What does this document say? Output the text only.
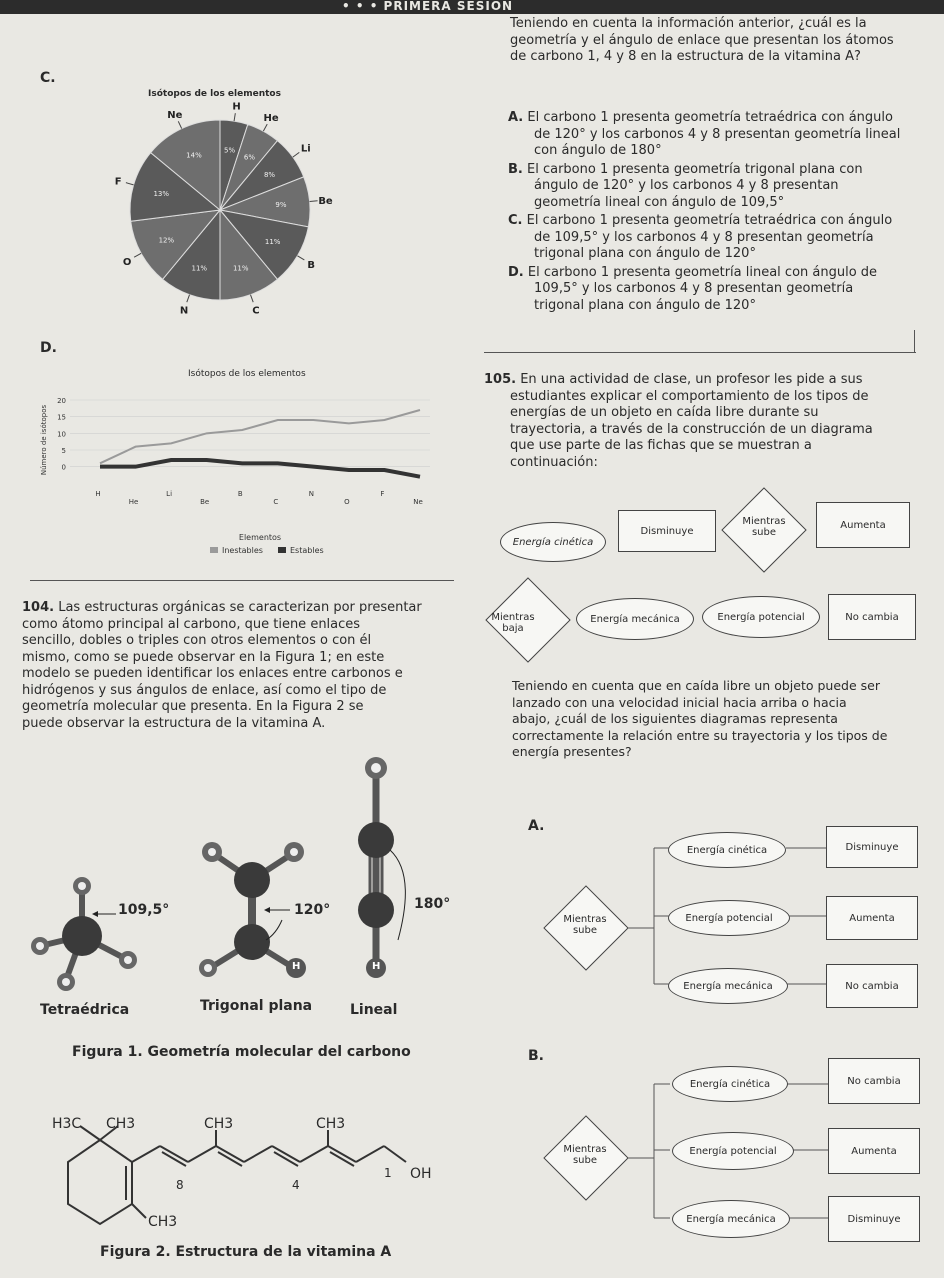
• • • PRIMERA SESIÓN
Teniendo en cuenta la información anterior, ¿cuál es la
geometría y el ángulo de enlace que presentan los átomos
de carbono 1, 4 y 8 en la estructura de la vitamina A?
A. El carbono 1 presenta geometría tetraédrica con ángulo
de 120° y los carbonos 4 y 8 presentan geometría lineal
con ángulo de 180°
B. El carbono 1 presenta geometría trigonal plana con
ángulo de 120° y los carbonos 4 y 8 presentan
geometría lineal con ángulo de 109,5°
C. El carbono 1 presenta geometría tetraédrica con ángulo
de 109,5° y los carbonos 4 y 8 presentan geometría
trigonal plana con ángulo de 120°
D. El carbono 1 presenta geometría lineal con ángulo de
109,5° y los carbonos 4 y 8 presentan geometría
trigonal plana con ángulo de 120°
C.
Isótopos de los elementos
5%
H
6%
He
8%
Li
9%	Be
11%
B
11%
C
11%
N
12%
O
13%
F
14%
Ne
D.
Isótopos de los elementos
0
5
10
15
20
Número de isótopos
H
He
Li
Be
B
C
N
O
F
Ne
Elementos
Inestables	Estables
104. Las estructuras orgánicas se caracterizan por presentar
como átomo principal al carbono, que tiene enlaces
sencillo, dobles o triples con otros elementos o con él
mismo, como se puede observar en la Figura 1; en este
modelo se pueden identificar los enlaces entre carbonos e
hidrógenos y sus ángulos de enlace, así como el tipo de
geometría molecular que presenta. En la Figura 2 se
puede observar la estructura de la vitamina A.
109,5°	120°	180°
H	H
Tetraédrica	Trigonal plana	Lineal
Figura 1. Geometría molecular del carbono
H3C CH3	CH3	CH3
CH3
8	4
1 OH
Figura 2. Estructura de la vitamina A
105. En una actividad de clase, un profesor les pide a sus
estudiantes explicar el comportamiento de los tipos de
energías de un objeto en caída libre durante su
trayectoria, a través de la construcción de un diagrama
que use parte de las fichas que se muestran a
continuación:
Energía cinética
Disminuye
Mientras sube
Aumenta
Mientras baja
Energía mecánica	Energía potencial	No cambia
Teniendo en cuenta que en caída libre un objeto puede ser
lanzado con una velocidad inicial hacia arriba o hacia
abajo, ¿cuál de los siguientes diagramas representa
correctamente la relación entre su trayectoria y los tipos de
energía presentes?
A.
Mientras sube
Energía cinética	Disminuye
Energía potencial	Aumenta
Energía mecánica	No cambia
B.
Mientras sube
Energía cinética	No cambia
Energía potencial	Aumenta
Energía mecánica	Disminuye
